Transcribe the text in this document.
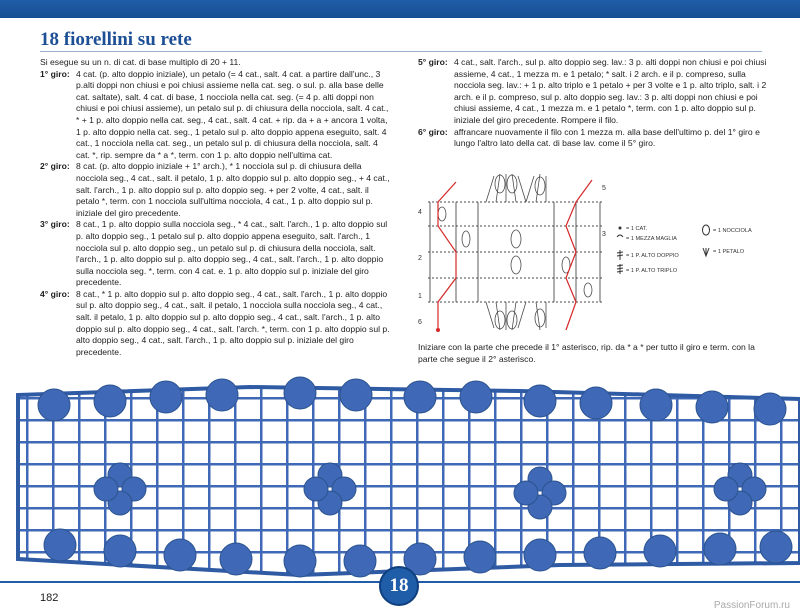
18 fiorellini su rete
Si esegue su un n. di cat. di base multiplo di 20 + 11.
1° giro: 4 cat. (p. alto doppio iniziale), un petalo (= 4 cat., salt. 4 cat. a partire dall'unc., 3 p.alti doppi non chiusi e poi chiusi assieme nella cat. seg. o sul. p. alla base delle cat. saltate), salt. 4 cat. di base, 1 nocciola nella cat. seg. (= 4 p. alti doppi non chiusi e poi chiusi assieme), un petalo sul p. di chiusura della nocciola, salt. 4 cat., * + 1 p. alto doppio nella cat. seg., 4 cat., salt. 4 cat. + rip. da + a + ancora 1 volta, 1 p. alto doppio nella cat. seg., 1 petalo sul p. alto doppio appena eseguito, salt. 4 cat., 1 nocciola nella cat. seg., un petalo sul p. di chiusura della nocciola, salt. 4 cat. *, rip. sempre da * a *, term. con 1 p. alto doppio nell'ultima cat.
2° giro: 8 cat. (p. alto doppio iniziale + 1° arch.), * 1 nocciola sul p. di chiusura della nocciola seg., 4 cat., salt. il petalo, 1 p. alto doppio sul p. alto doppio seg., + 4 cat., salt. l'arch., 1 p. alto doppio sul p. alto doppio seg. + per 2 volte, 4 cat., salt. il petalo *, term. con 1 nocciola sull'ultima nocciola, 4 cat., 1 p. alto doppio sul p. iniziale del giro precedente.
3° giro: 8 cat., 1 p. alto doppio sulla nocciola seg., * 4 cat., salt. l'arch., 1 p. alto doppio sul p. alto doppio seg., 1 petalo sul p. alto doppio appena eseguito, salt. l'arch., 1 nocciola sul p. alto doppio seg., un petalo sul p. di chiusura della nocciola, salt. l'arch., 1 p. alto doppio sul p. alto doppio seg., 4 cat., salt. l'arch., 1 p. alto doppio sulla nocciola seg. *, term. con 4 cat. e. 1 p. alto doppio sul p. iniziale del giro precedente.
4° giro: 8 cat., * 1 p. alto doppio sul p. alto doppio seg., 4 cat., salt. l'arch., 1 p. alto doppio sul p. alto doppio seg., 4 cat., salt. il petalo, 1 nocciola sulla nocciola seg., 4 cat., salt. il petalo, 1 p. alto doppio sul p. alto doppio seg., 4 cat., salt. l'arch., 1 p. alto doppio sul p. alto doppio seg., 4 cat., salt. l'arch. *, term. con 1 p. alto doppio sul p. alto doppio seg., 4 cat., salt. l'arch., 1 p. alto doppio sul p. iniziale del giro precedente.
5° giro: 4 cat., salt. l'arch., sul p. alto doppio seg. lav.: 3 p. alti doppi non chiusi e poi chiusi assieme, 4 cat., 1 mezza m. e 1 petalo; * salt. i 2 arch. e il p. compreso, sulla nocciola seg. lav.: + 1 p. alto triplo e 1 petalo + per 3 volte e 1 p. alto triplo, salt. i 2 arch. e il p. compreso, sul p. alto doppio seg. lav.: 3 p. alti doppi non chiusi e poi chiusi assieme, 4 cat., 1 mezza m. e 1 petalo *, term. con 1 p. alto doppio sul p. iniziale del giro precedente. Rompere il filo.
6° giro: affrancare nuovamente il filo con 1 mezza m. alla base dell'ultimo p. del 1° giro e lungo l'altro lato della cat. di base lav. come il 5° giro.
4
2
1
6
5
3
= 1 CAT.
= 1 MEZZA MAGLIA
= 1 P. ALTO DOPPIO
= 1 P. ALTO TRIPLO
= 1 NOCCIOLA
= 1 PETALO
Iniziare con la parte che precede il 1° asterisco, rip. da * a * per tutto il giro e term. con la parte che segue il 2° asterisco.
18
182
PassionForum.ru
